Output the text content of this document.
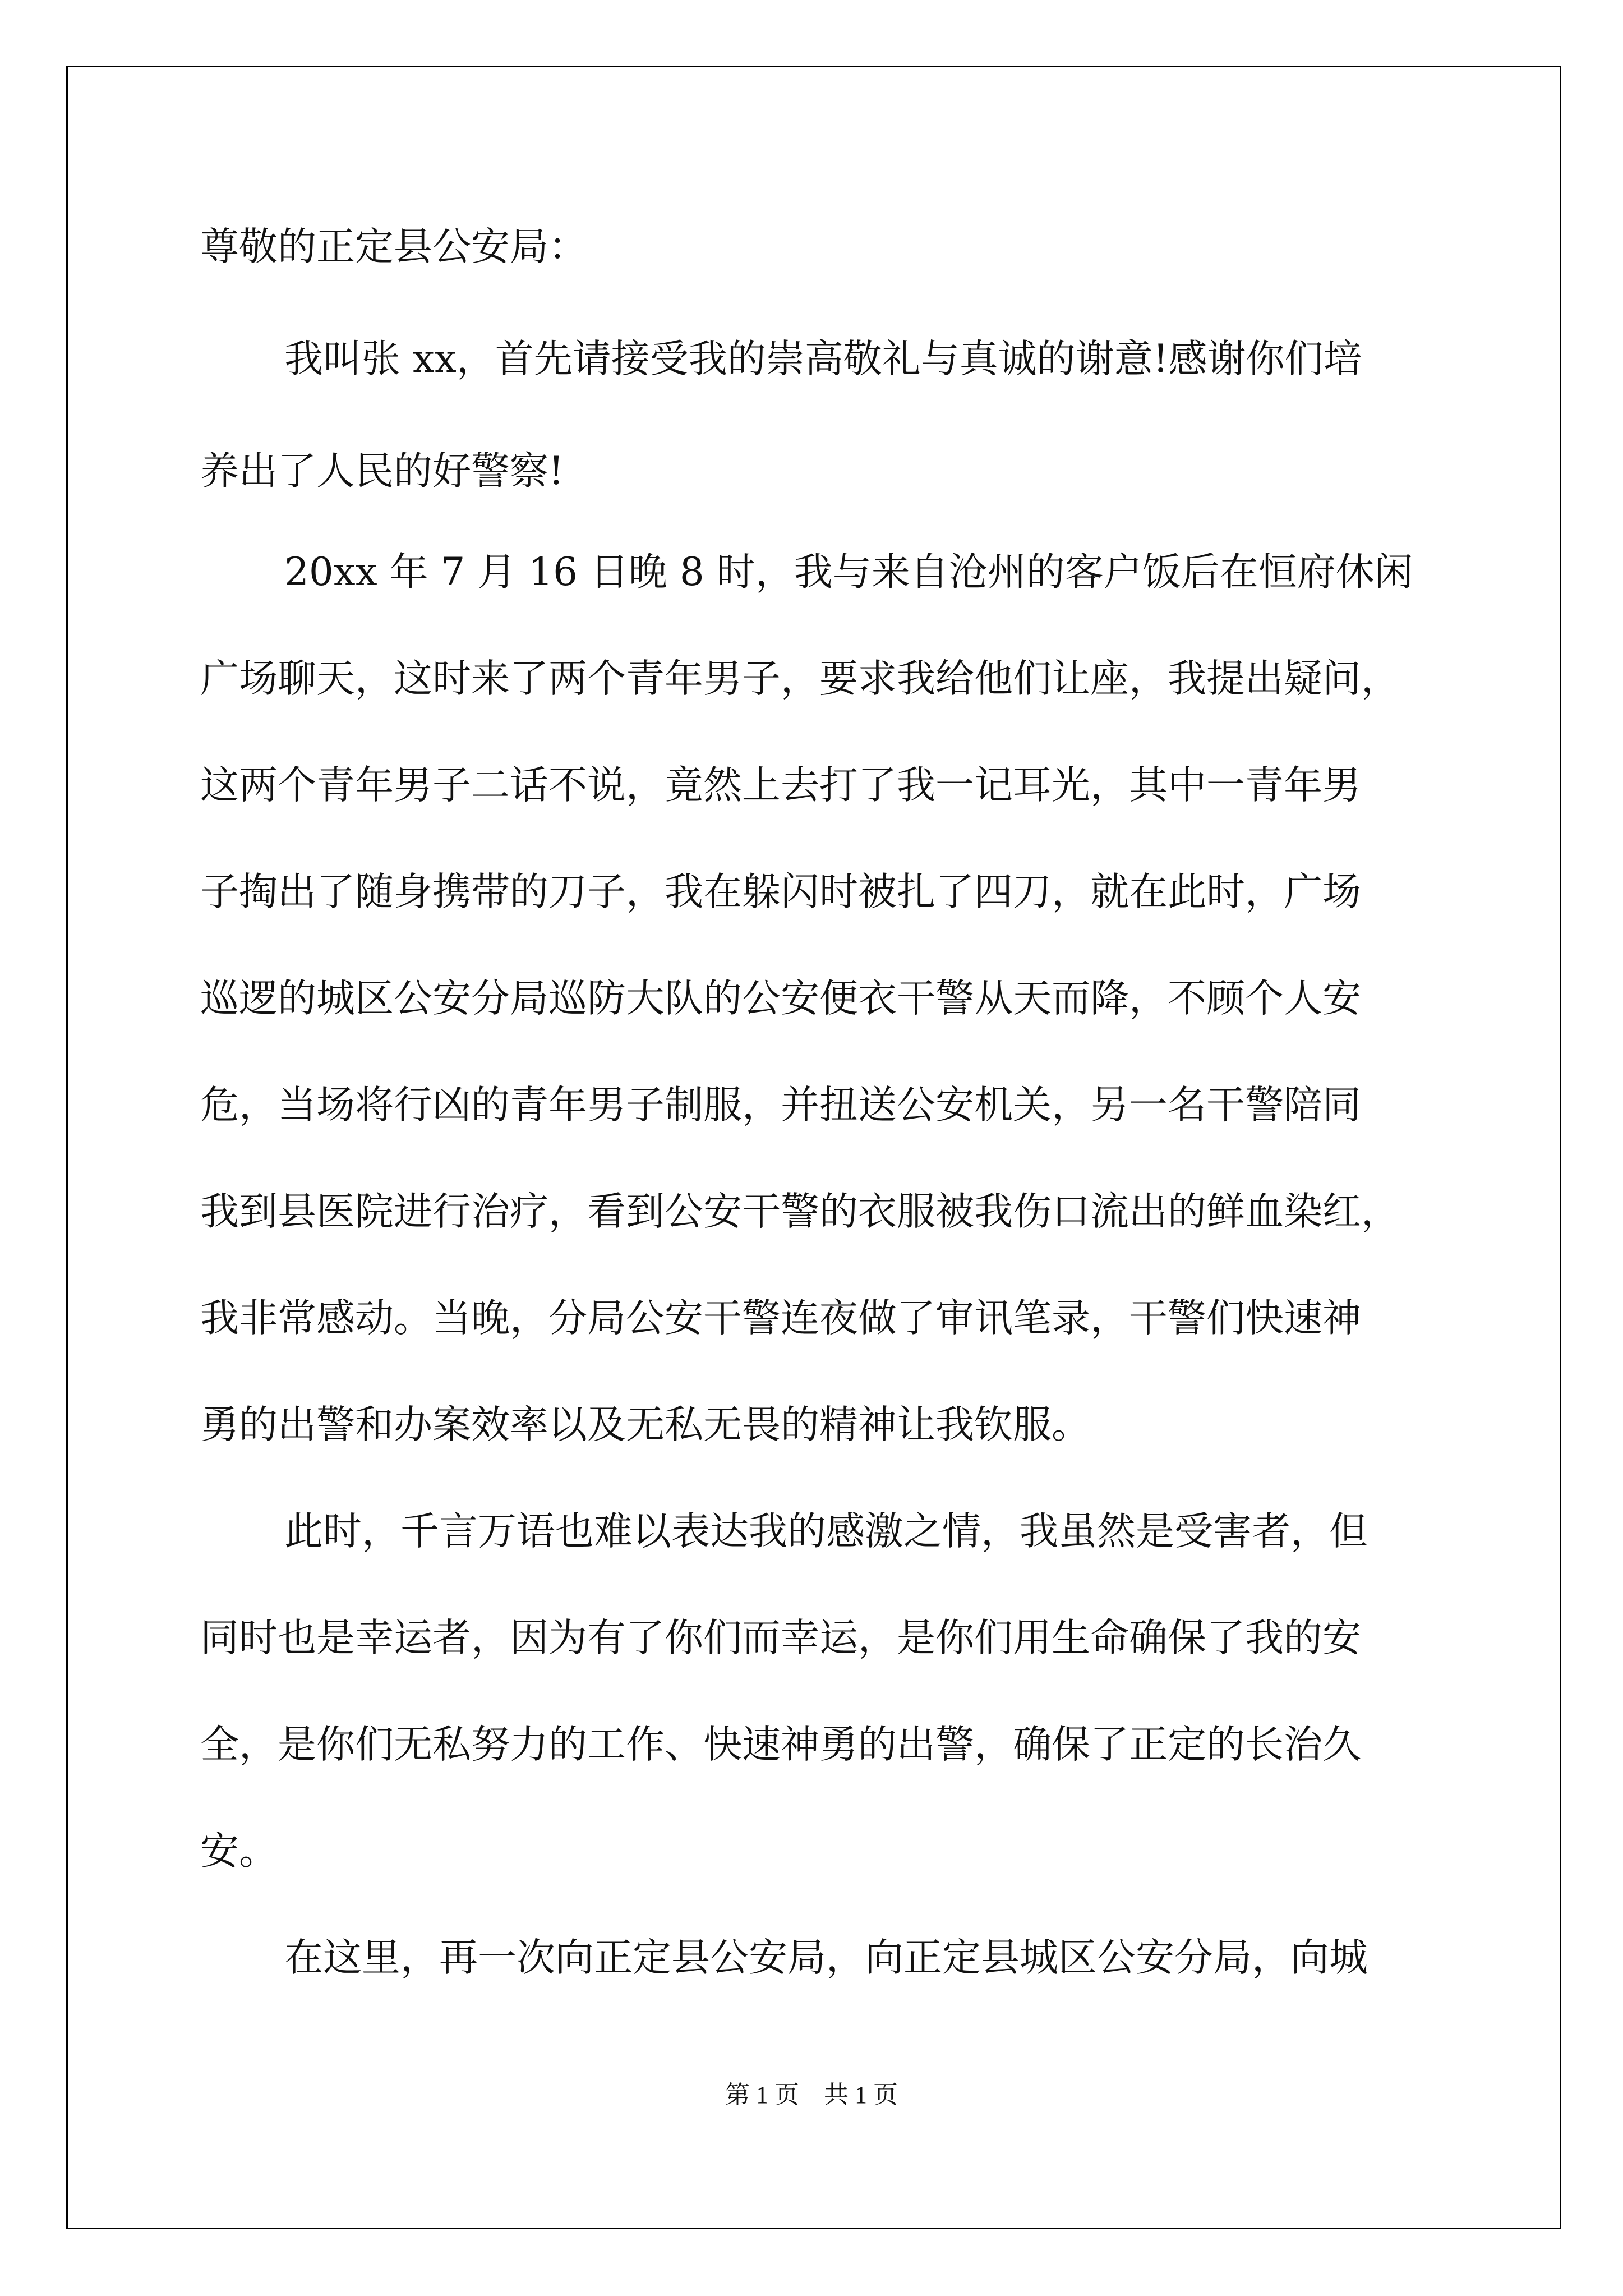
尊敬的正定县公安局：

我叫张 xx，首先请接受我的崇高敬礼与真诚的谢意!感谢你们培

养出了人民的好警察!

20xx 年 7 月 16 日晚 8 时，我与来自沧州的客户饭后在恒府休闲

广场聊天，这时来了两个青年男子，要求我给他们让座，我提出疑问，

这两个青年男子二话不说，竟然上去打了我一记耳光，其中一青年男

子掏出了随身携带的刀子，我在躲闪时被扎了四刀，就在此时，广场

巡逻的城区公安分局巡防大队的公安便衣干警从天而降，不顾个人安

危，当场将行凶的青年男子制服，并扭送公安机关，另一名干警陪同

我到县医院进行治疗，看到公安干警的衣服被我伤口流出的鲜血染红，

我非常感动。当晚，分局公安干警连夜做了审讯笔录，干警们快速神

勇的出警和办案效率以及无私无畏的精神让我钦服。

此时，千言万语也难以表达我的感激之情，我虽然是受害者，但

同时也是幸运者，因为有了你们而幸运，是你们用生命确保了我的安

全，是你们无私努力的工作、快速神勇的出警，确保了正定的长治久

安。

在这里，再一次向正定县公安局，向正定县城区公安分局，向城

第 1 页　共 1 页
